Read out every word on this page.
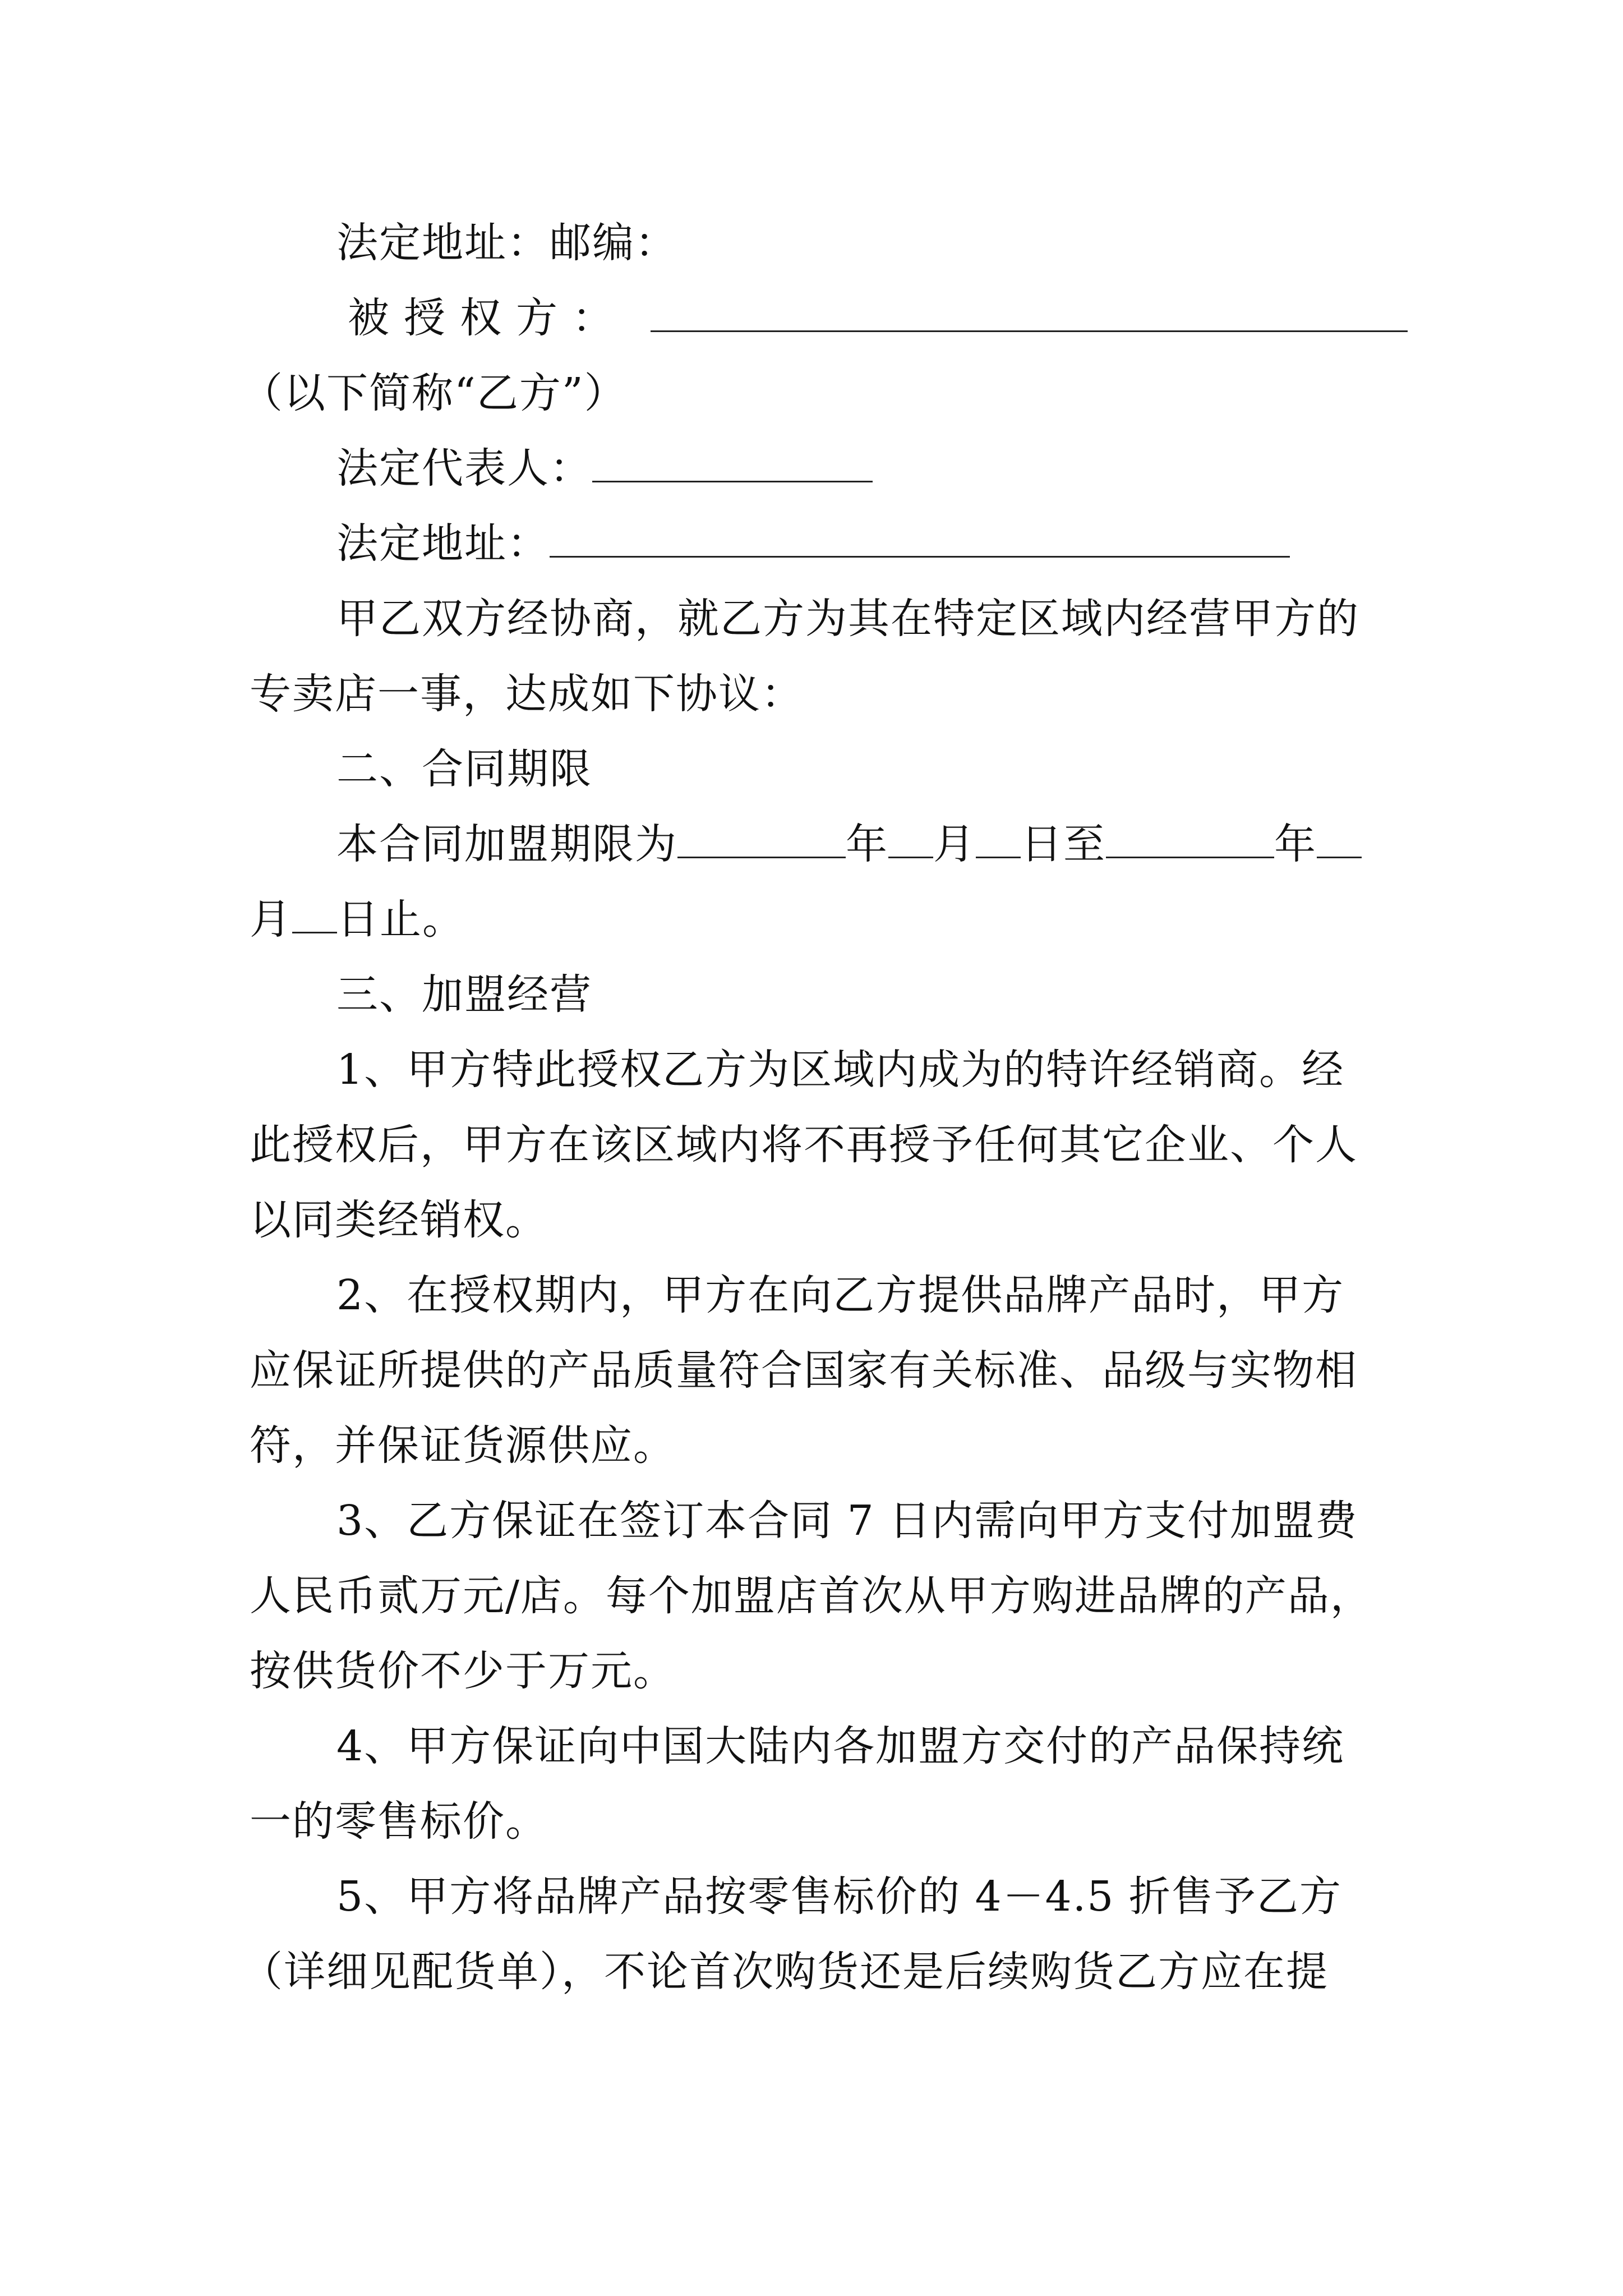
法定地址：邮编：
被授权方：
（以下简称“乙方”）
法定代表人：
法定地址：
甲乙双方经协商，就乙方为其在特定区域内经营甲方的
专卖店一事，达成如下协议：
二、合同期限
本合同加盟期限为	年 月 日至	年
月 日止。
三、加盟经营
1、甲方特此授权乙方为区域内成为的特许经销商。经
此授权后，甲方在该区域内将不再授予任何其它企业、个人
以同类经销权。
2、在授权期内，甲方在向乙方提供品牌产品时，甲方
应保证所提供的产品质量符合国家有关标准、品级与实物相
符，并保证货源供应。
3、乙方保证在签订本合同 7 日内需向甲方支付加盟费
人民币贰万元/店。每个加盟店首次从甲方购进品牌的产品，
按供货价不少于万元。
4、甲方保证向中国大陆内各加盟方交付的产品保持统
一的零售标价。
5、甲方将品牌产品按零售标价的 4－4.5 折售予乙方
（详细见配货单），不论首次购货还是后续购货乙方应在提
